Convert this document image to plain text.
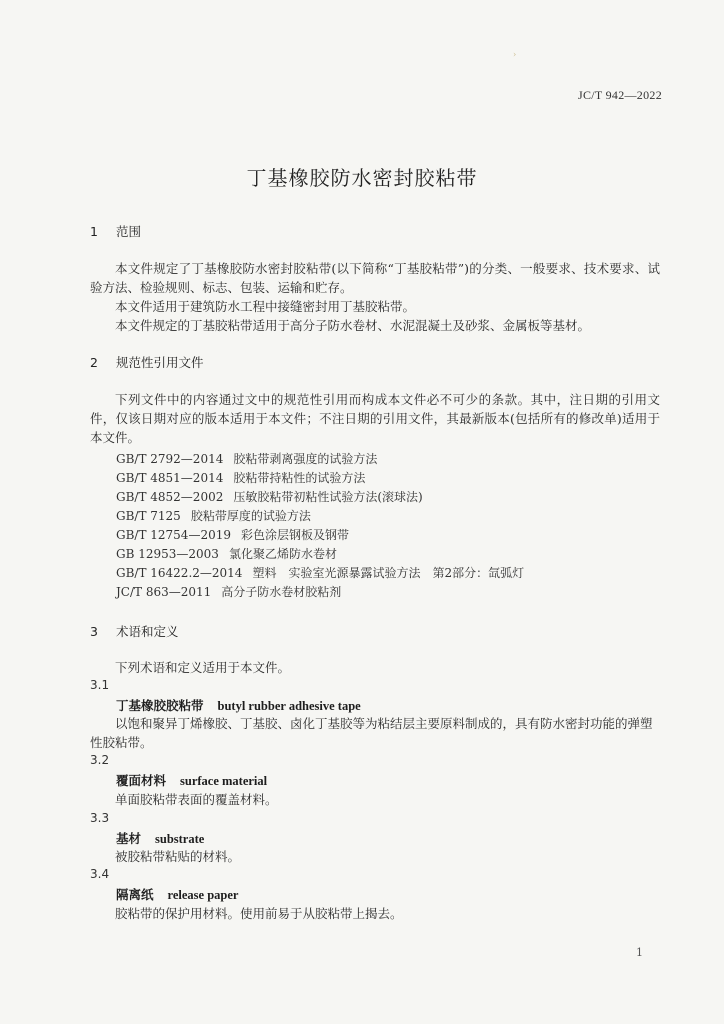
›
JC/T 942—2022
丁基橡胶防水密封胶粘带
1 范围
本文件规定了丁基橡胶防水密封胶粘带(以下简称“丁基胶粘带”)的分类、一般要求、技术要求、试验方法、检验规则、标志、包装、运输和贮存。
本文件适用于建筑防水工程中接缝密封用丁基胶粘带。
本文件规定的丁基胶粘带适用于高分子防水卷材、水泥混凝土及砂浆、金属板等基材。
2 规范性引用文件
下列文件中的内容通过文中的规范性引用而构成本文件必不可少的条款。其中，注日期的引用文件，仅该日期对应的版本适用于本文件；不注日期的引用文件，其最新版本(包括所有的修改单)适用于本文件。
GB/T 2792—2014 胶粘带剥离强度的试验方法
GB/T 4851—2014 胶粘带持粘性的试验方法
GB/T 4852—2002 压敏胶粘带初粘性试验方法(滚球法)
GB/T 7125 胶粘带厚度的试验方法
GB/T 12754—2019 彩色涂层钢板及钢带
GB 12953—2003 氯化聚乙烯防水卷材
GB/T 16422.2—2014 塑料　实验室光源暴露试验方法　第2部分：氙弧灯
JC/T 863—2011 高分子防水卷材胶粘剂
3 术语和定义
下列术语和定义适用于本文件。
3.1
丁基橡胶胶粘带 butyl rubber adhesive tape
以饱和聚异丁烯橡胶、丁基胶、卤化丁基胶等为粘结层主要原料制成的，具有防水密封功能的弹塑性胶粘带。
3.2
覆面材料 surface material
单面胶粘带表面的覆盖材料。
3.3
基材 substrate
被胶粘带粘贴的材料。
3.4
隔离纸 release paper
胶粘带的保护用材料。使用前易于从胶粘带上揭去。
1
